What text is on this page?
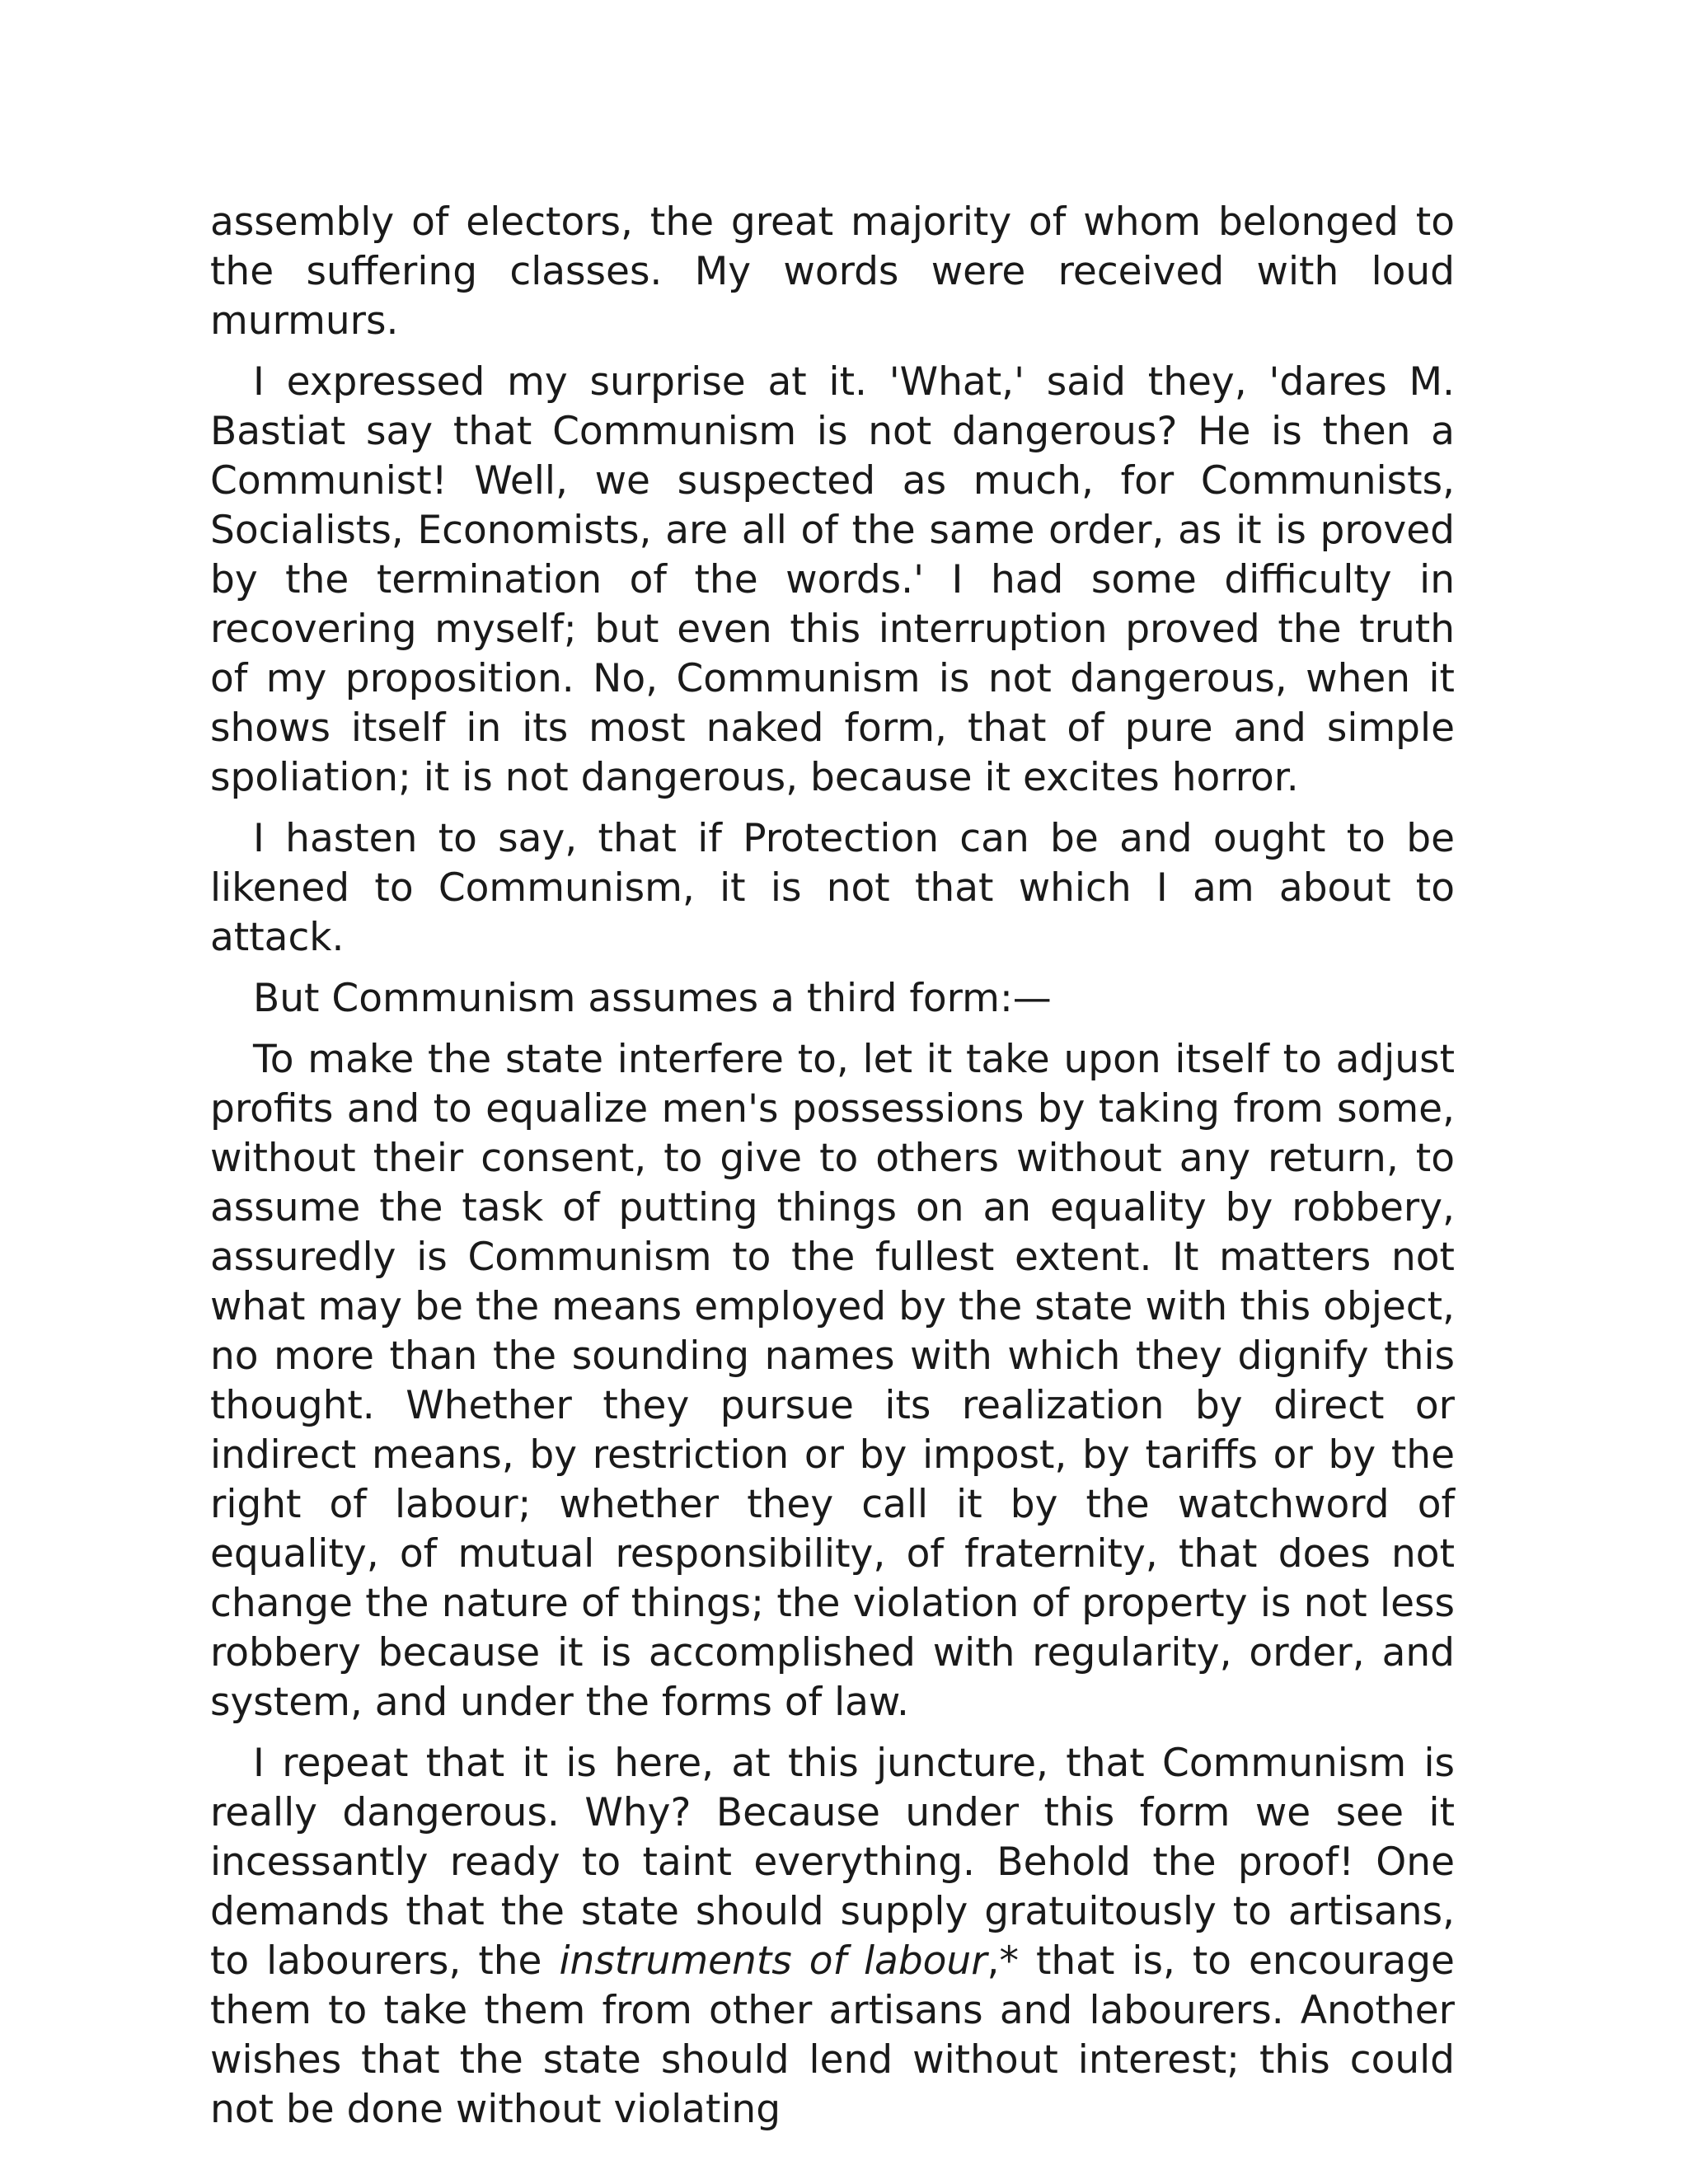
assembly of electors, the great majority of whom belonged to the suffering classes. My words were received with loud murmurs.

I expressed my surprise at it. 'What,' said they, 'dares M. Bastiat say that Communism is not dangerous? He is then a Communist! Well, we suspected as much, for Communists, Socialists, Economists, are all of the same order, as it is proved by the termination of the words.' I had some difficulty in recovering myself; but even this interruption proved the truth of my proposition. No, Communism is not dangerous, when it shows itself in its most naked form, that of pure and simple spoliation; it is not dangerous, because it excites horror.

I hasten to say, that if Protection can be and ought to be likened to Communism, it is not that which I am about to attack.

But Communism assumes a third form:—

To make the state interfere to, let it take upon itself to adjust profits and to equalize men's possessions by taking from some, without their consent, to give to others without any return, to assume the task of putting things on an equality by robbery, assuredly is Communism to the fullest extent. It matters not what may be the means employed by the state with this object, no more than the sounding names with which they dignify this thought. Whether they pursue its realization by direct or indirect means, by restriction or by impost, by tariffs or by the right of labour; whether they call it by the watchword of equality, of mutual responsibility, of fraternity, that does not change the nature of things; the violation of property is not less robbery because it is accomplished with regularity, order, and system, and under the forms of law.

I repeat that it is here, at this juncture, that Communism is really dangerous. Why? Because under this form we see it incessantly ready to taint everything. Behold the proof! One demands that the state should supply gratuitously to artisans, to labourers, the instruments of labour,* that is, to encourage them to take them from other artisans and labourers. Another wishes that the state should lend without interest; this could not be done without violating
